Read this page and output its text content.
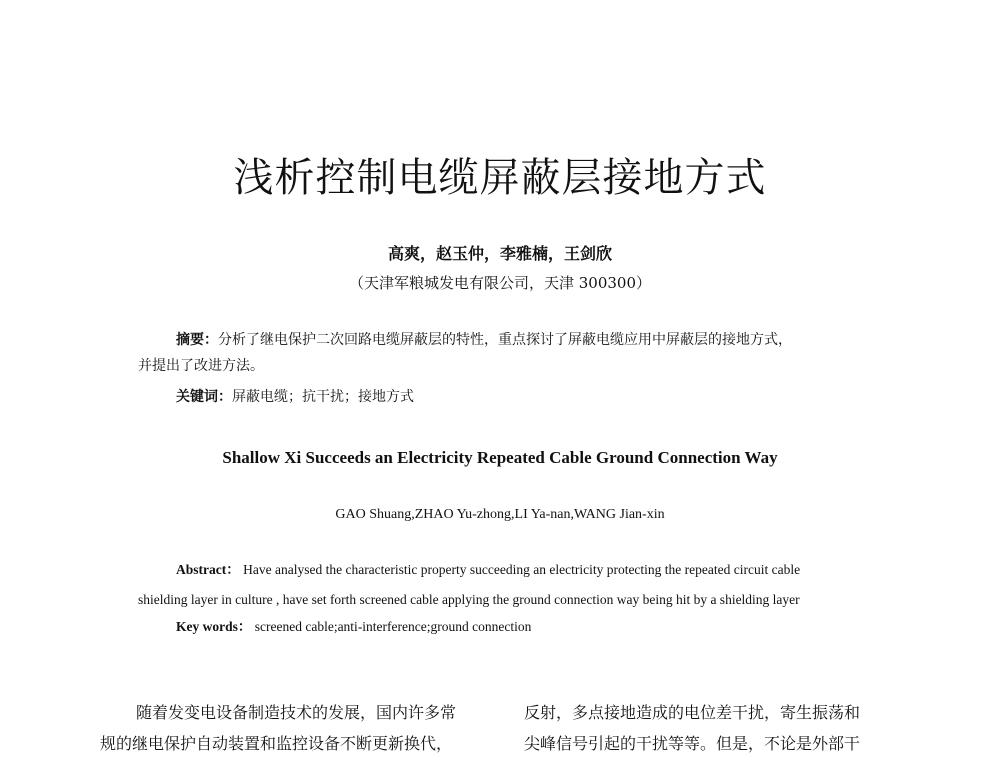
浅析控制电缆屏蔽层接地方式
高爽，赵玉仲，李雅楠，王剑欣
（天津军粮城发电有限公司，天津 300300）
摘要：分析了继电保护二次回路电缆屏蔽层的特性，重点探讨了屏蔽电缆应用中屏蔽层的接地方式，
并提出了改进方法。
关键词：屏蔽电缆；抗干扰；接地方式
Shallow Xi Succeeds an Electricity Repeated Cable Ground Connection Way
GAO Shuang,ZHAO Yu-zhong,LI Ya-nan,WANG Jian-xin
Abstract： Have analysed the characteristic property succeeding an electricity protecting the repeated circuit cable
shielding layer in culture , have set forth screened cable applying the ground connection way being hit by a shielding layer
Key words： screened cable;anti-interference;ground connection
随着发变电设备制造技术的发展，国内许多常
规的继电保护自动装置和监控设备不断更新换代，
反射，多点接地造成的电位差干扰，寄生振荡和
尖峰信号引起的干扰等等。但是，不论是外部干
